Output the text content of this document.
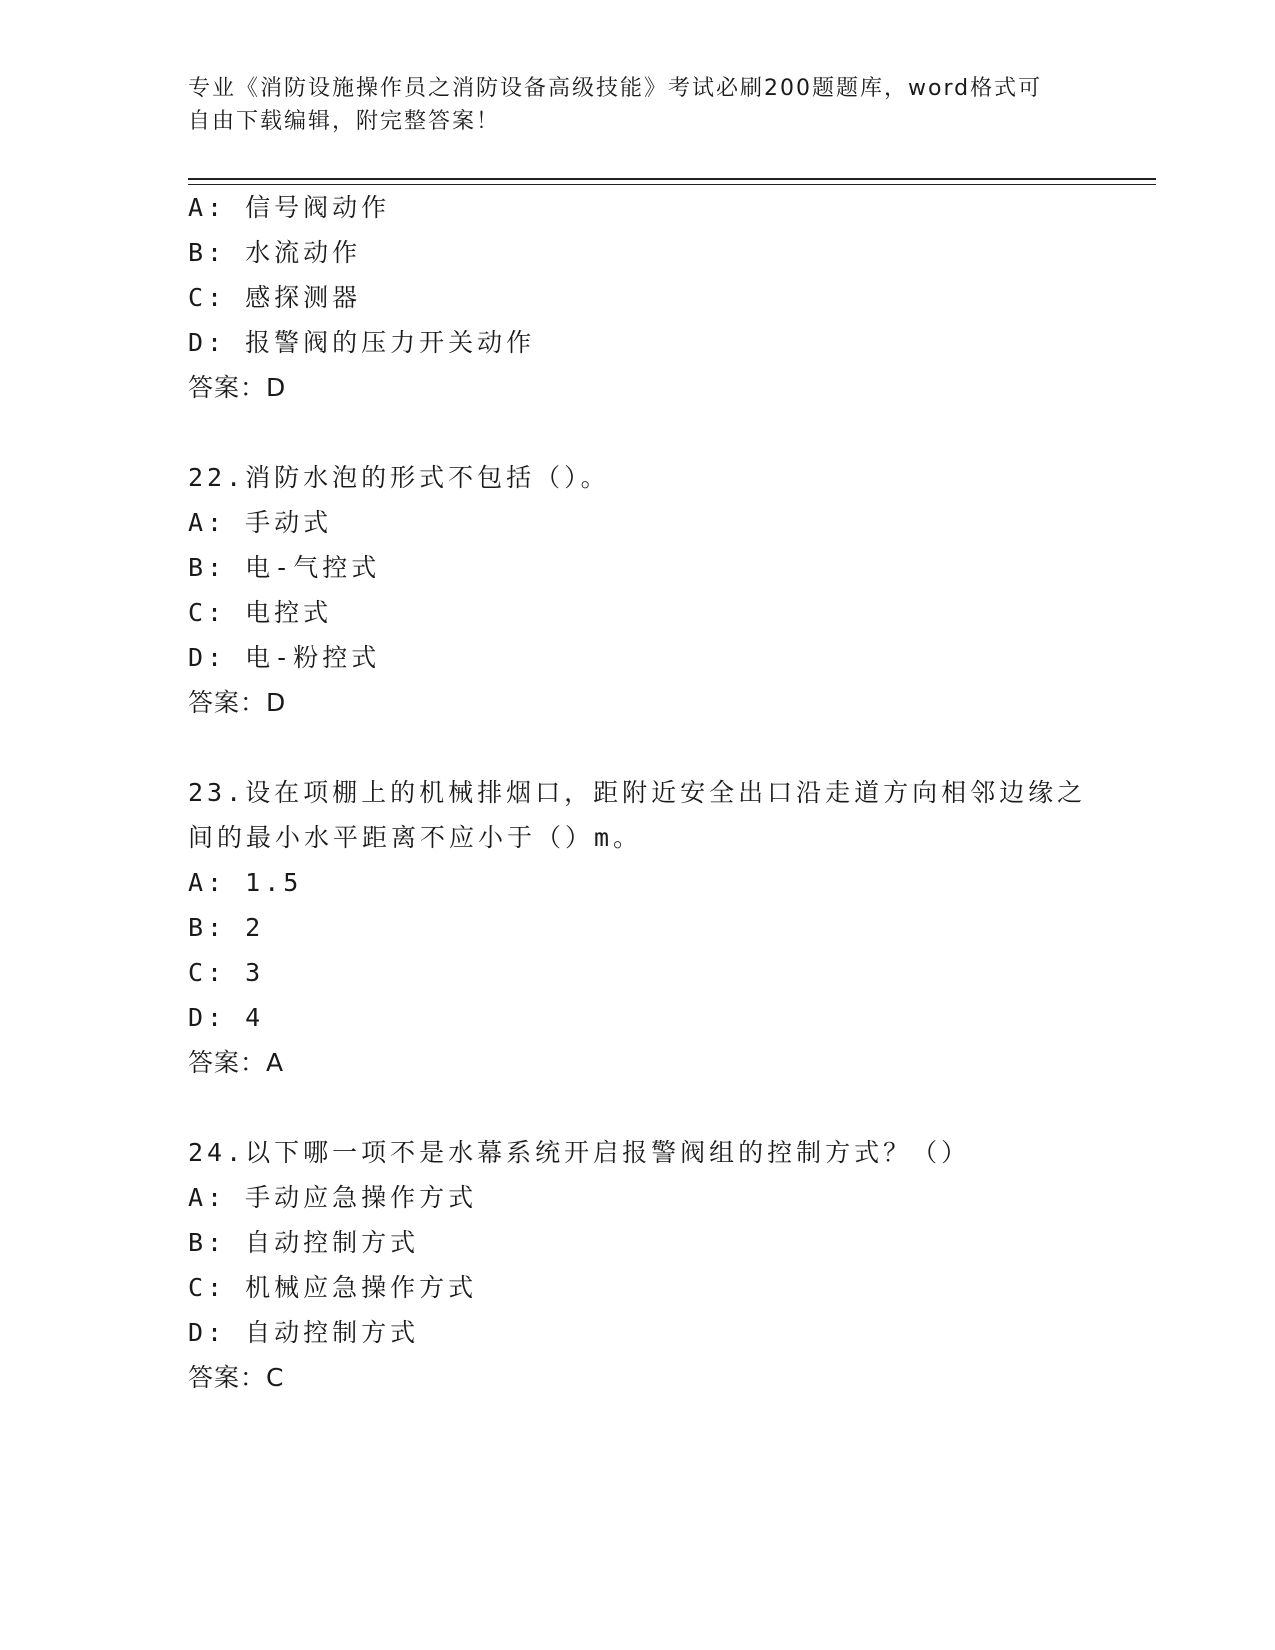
专业《消防设施操作员之消防设备高级技能》考试必刷200题题库，word格式可
自由下载编辑，附完整答案！
A: 信号阀动作
B: 水流动作
C: 感探测器
D: 报警阀的压力开关动作
答案：D
22.消防水泡的形式不包括（）。
A: 手动式
B: 电-气控式
C: 电控式
D: 电-粉控式
答案：D
23.设在项棚上的机械排烟口，距附近安全出口沿走道方向相邻边缘之
间的最小水平距离不应小于（）m。
A: 1.5
B: 2
C: 3
D: 4
答案：A
24.以下哪一项不是水幕系统开启报警阀组的控制方式？（）
A: 手动应急操作方式
B: 自动控制方式
C: 机械应急操作方式
D: 自动控制方式
答案：C
